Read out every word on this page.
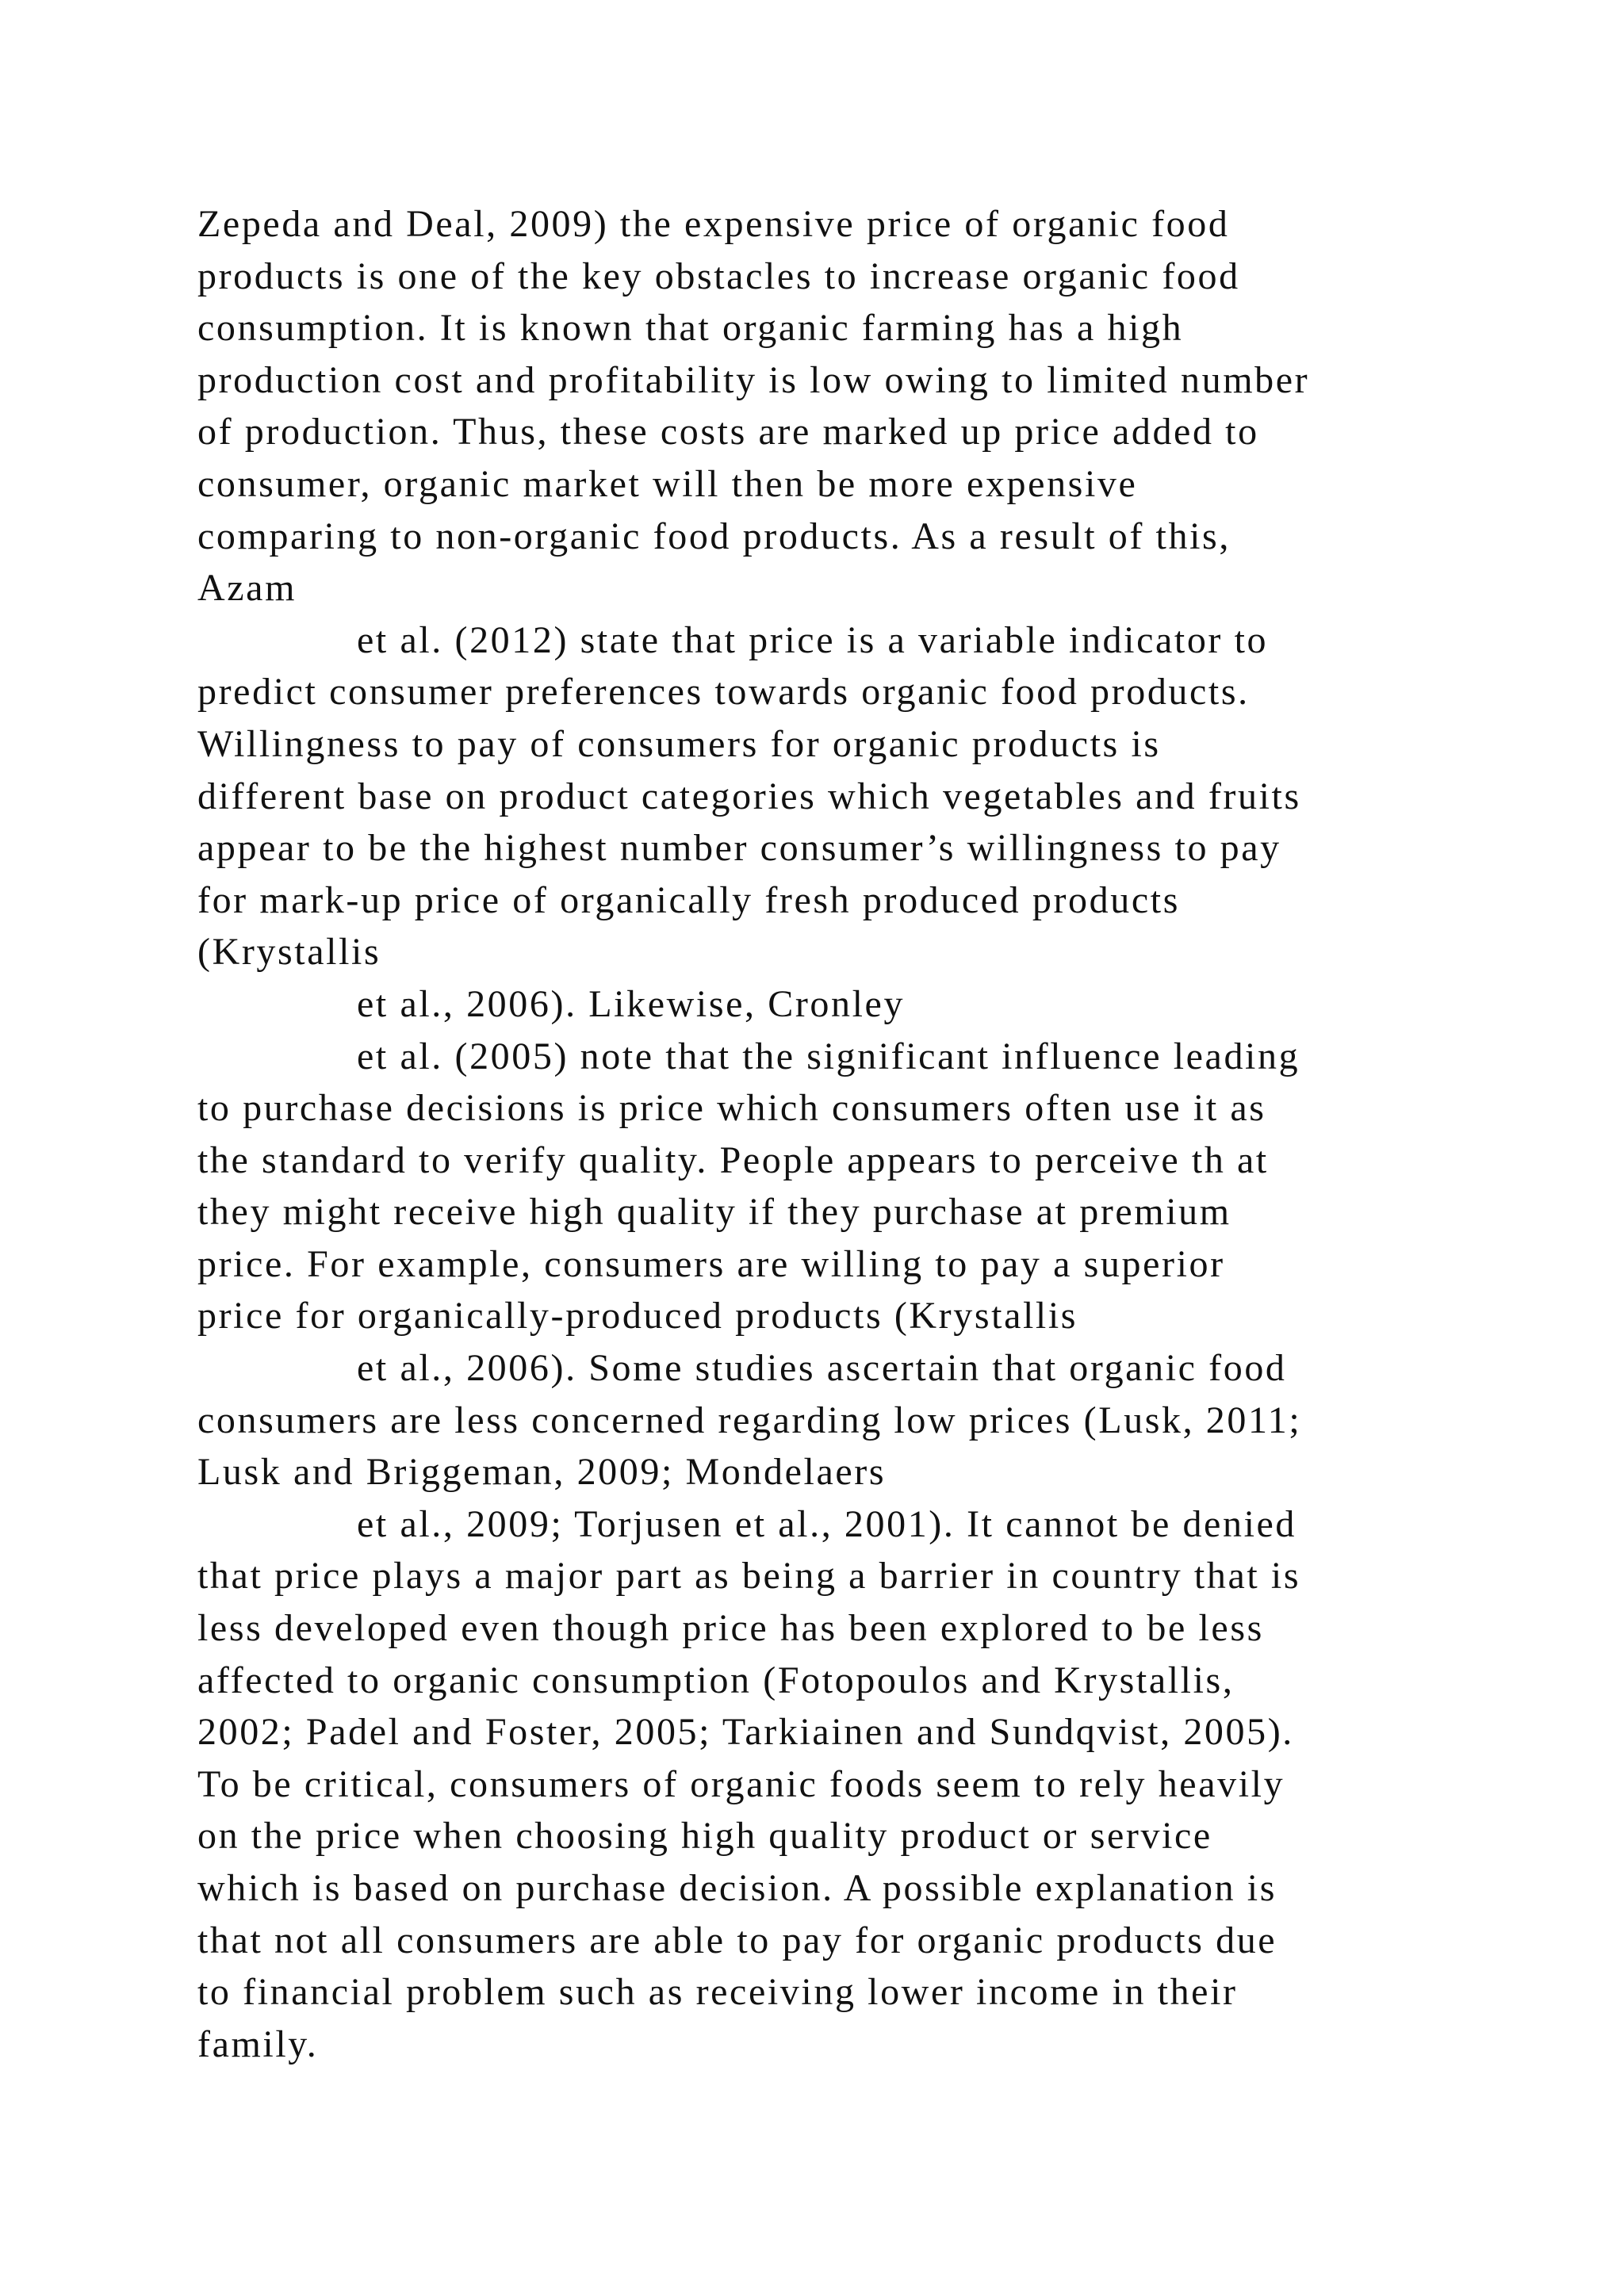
Zepeda and Deal, 2009) the expensive price of organic food
products is one of the key obstacles to increase organic food
consumption. It is known that organic farming has a high
production cost and profitability is low owing to limited number
of production. Thus, these costs are marked up price added to
consumer, organic market will then be more expensive
comparing to non-organic food products. As a result of this,
Azam
et al. (2012) state that price is a variable indicator to
predict consumer preferences towards organic food products.
Willingness to pay of consumers for organic products is
different base on product categories which vegetables and fruits
appear to be the highest number consumer’s willingness to pay
for mark-up price of organically fresh produced products
(Krystallis
et al., 2006). Likewise, Cronley
et al. (2005) note that the significant influence leading
to purchase decisions is price which consumers often use it as
the standard to verify quality. People appears to perceive th at
they might receive high quality if they purchase at premium
price. For example, consumers are willing to pay a superior
price for organically-produced products (Krystallis
et al., 2006). Some studies ascertain that organic food
consumers are less concerned regarding low prices (Lusk, 2011;
Lusk and Briggeman, 2009; Mondelaers
et al., 2009; Torjusen et al., 2001). It cannot be denied
that price plays a major part as being a barrier in country that is
less developed even though price has been explored to be less
affected to organic consumption (Fotopoulos and Krystallis,
2002; Padel and Foster, 2005; Tarkiainen and Sundqvist, 2005).
To be critical, consumers of organic foods seem to rely heavily
on the price when choosing high quality product or service
which is based on purchase decision. A possible explanation is
that not all consumers are able to pay for organic products due
to financial problem such as receiving lower income in their
family.
